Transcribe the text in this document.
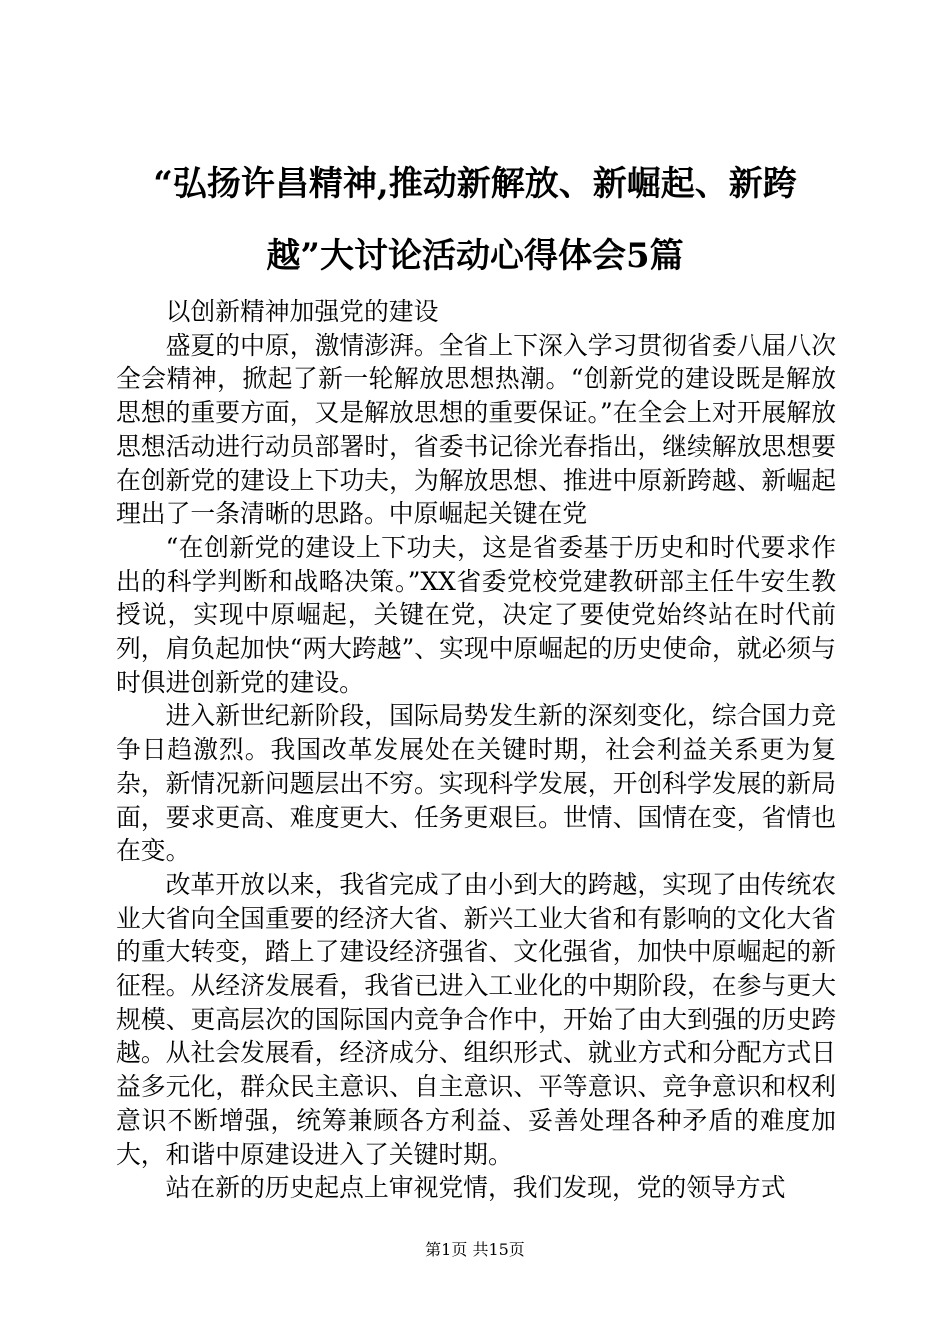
“弘扬许昌精神,推动新解放、新崛起、新跨
越”大讨论活动心得体会5篇

以创新精神加强党的建设

盛夏的中原，激情澎湃。全省上下深入学习贯彻省委八届八次全会精神，掀起了新一轮解放思想热潮。“创新党的建设既是解放思想的重要方面，又是解放思想的重要保证。”在全会上对开展解放思想活动进行动员部署时，省委书记徐光春指出，继续解放思想要在创新党的建设上下功夫，为解放思想、推进中原新跨越、新崛起理出了一条清晰的思路。中原崛起关键在党

“在创新党的建设上下功夫，这是省委基于历史和时代要求作出的科学判断和战略决策。”XX省委党校党建教研部主任牛安生教授说，实现中原崛起，关键在党，决定了要使党始终站在时代前列，肩负起加快“两大跨越”、实现中原崛起的历史使命，就必须与时俱进创新党的建设。

进入新世纪新阶段，国际局势发生新的深刻变化，综合国力竞争日趋激烈。我国改革发展处在关键时期，社会利益关系更为复杂，新情况新问题层出不穷。实现科学发展，开创科学发展的新局面，要求更高、难度更大、任务更艰巨。世情、国情在变，省情也在变。

改革开放以来，我省完成了由小到大的跨越，实现了由传统农业大省向全国重要的经济大省、新兴工业大省和有影响的文化大省的重大转变，踏上了建设经济强省、文化强省，加快中原崛起的新征程。从经济发展看，我省已进入工业化的中期阶段，在参与更大规模、更高层次的国际国内竞争合作中，开始了由大到强的历史跨越。从社会发展看，经济成分、组织形式、就业方式和分配方式日益多元化，群众民主意识、自主意识、平等意识、竞争意识和权利意识不断增强，统筹兼顾各方利益、妥善处理各种矛盾的难度加大，和谐中原建设进入了关键时期。

站在新的历史起点上审视党情，我们发现，党的领导方式

第1页 共15页
